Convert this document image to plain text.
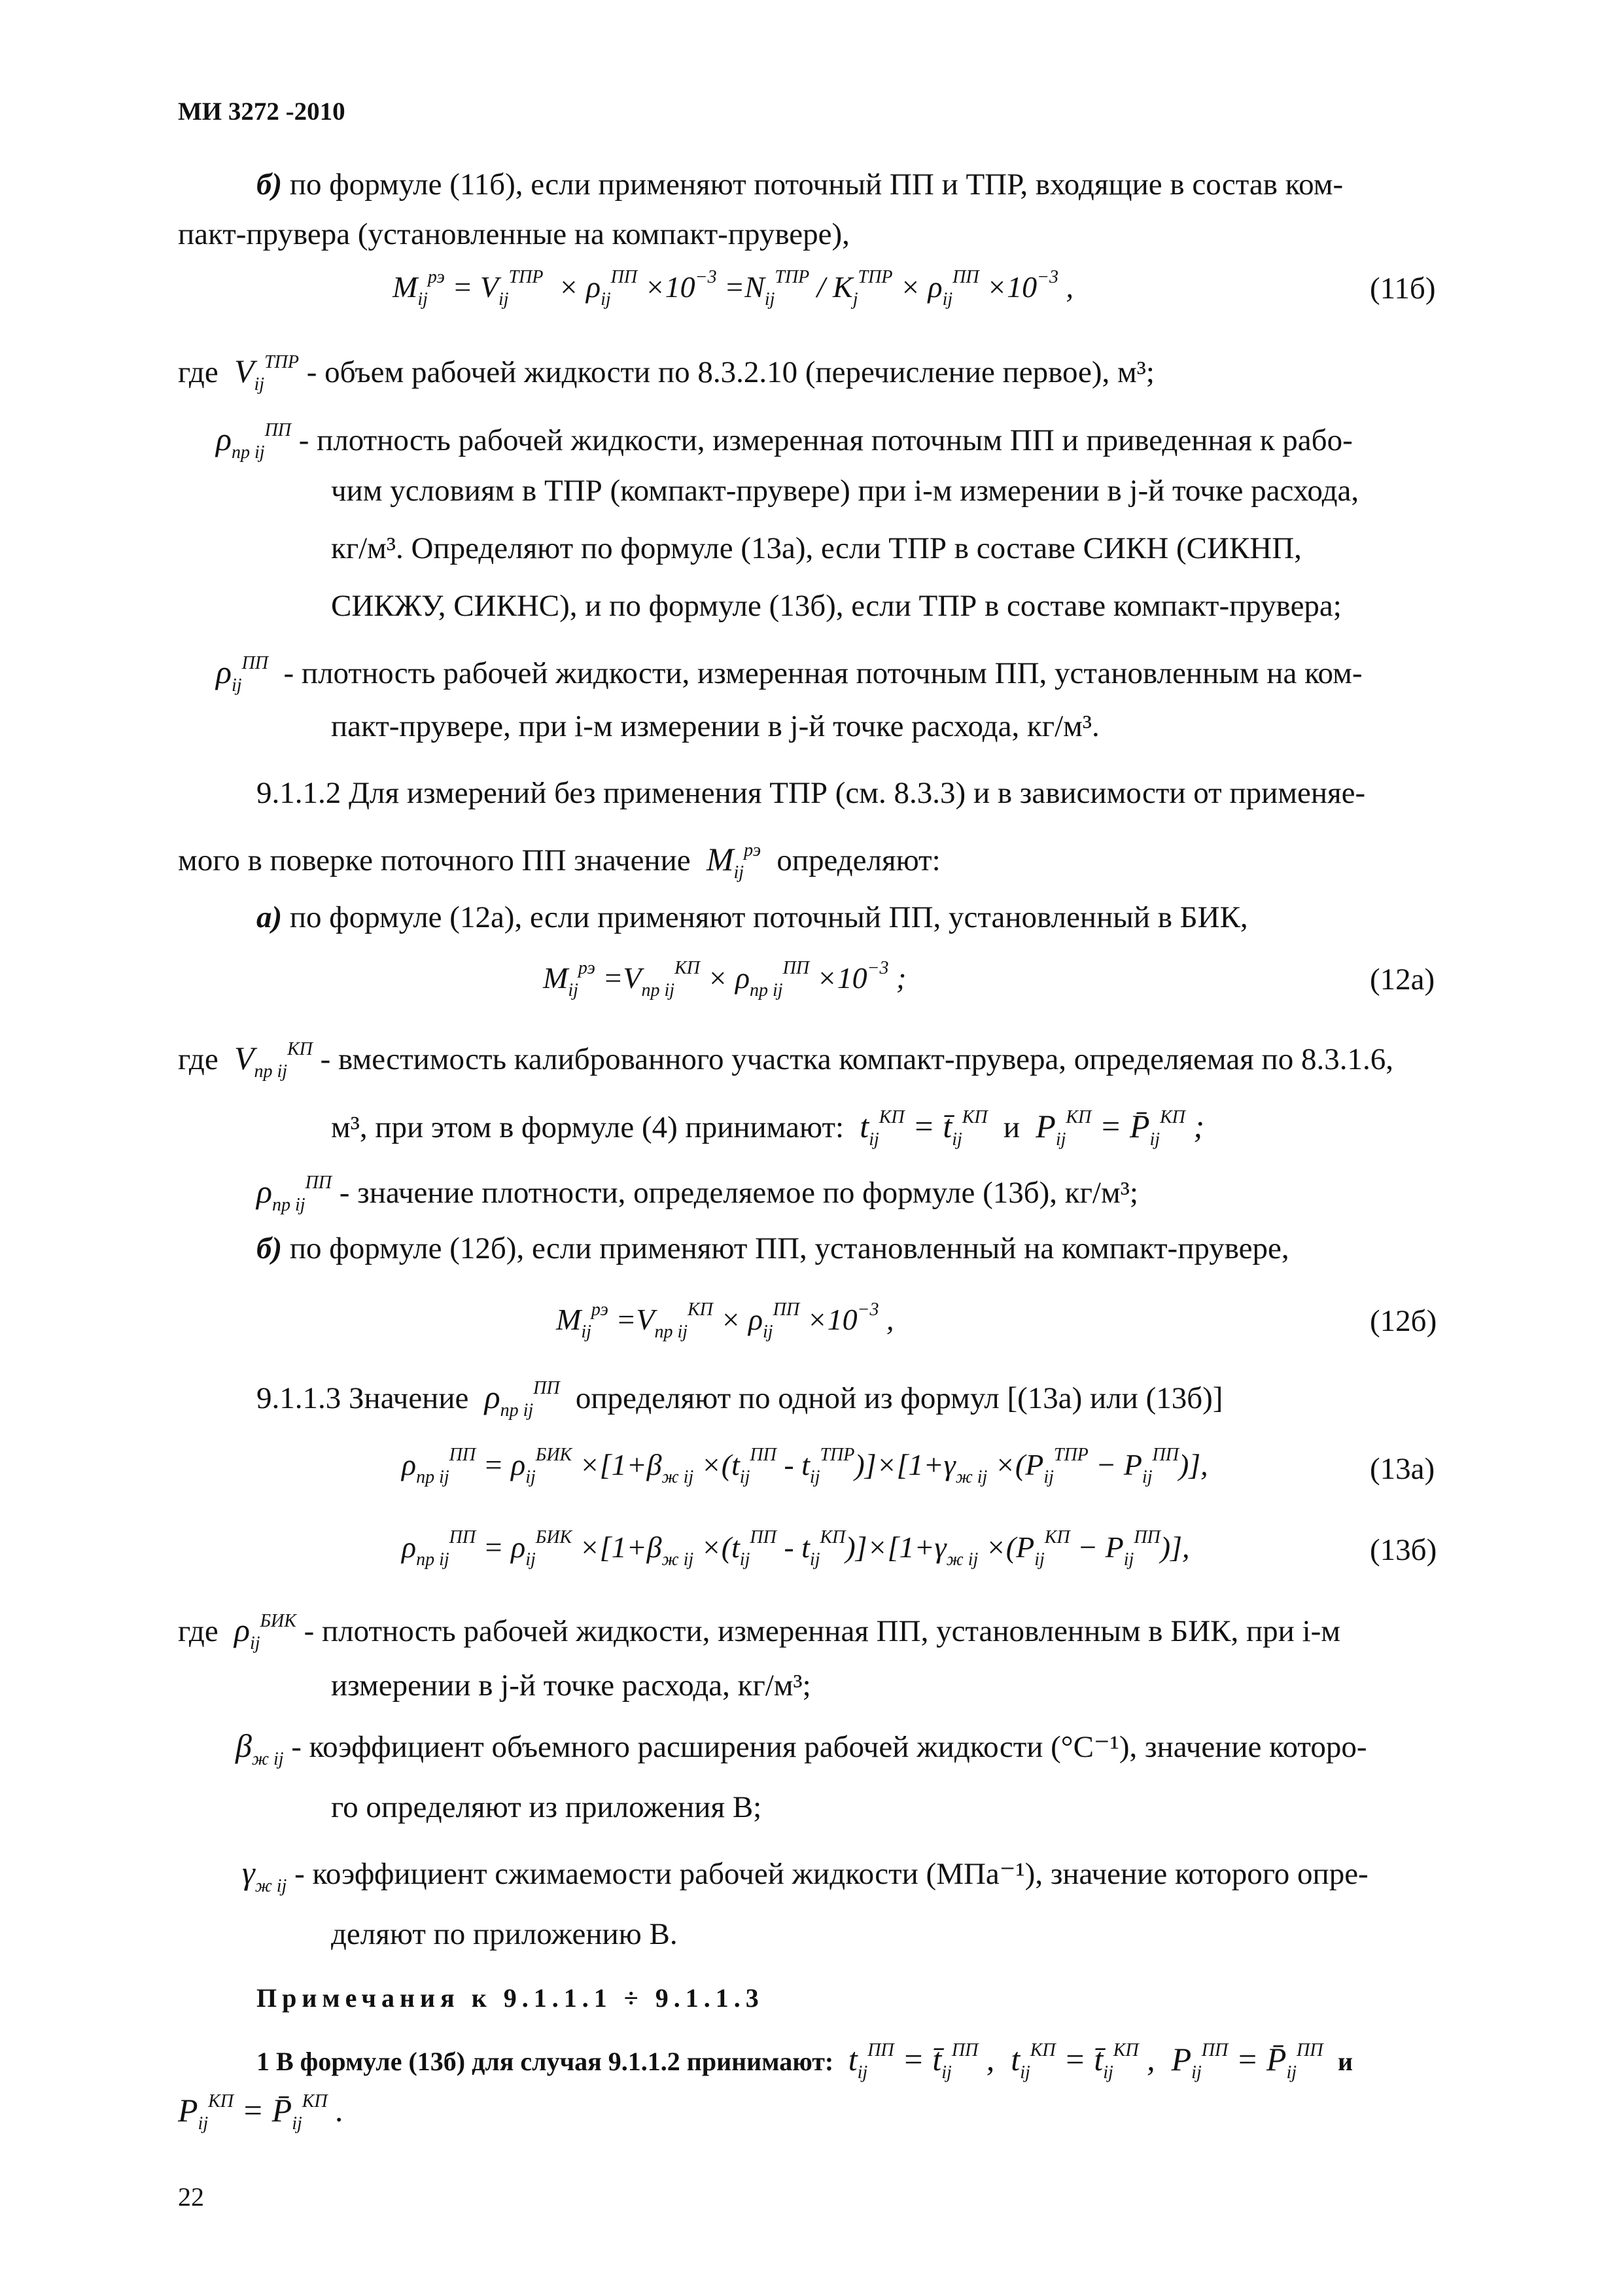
МИ 3272 -2010
б) по формуле (11б), если применяют поточный ПП и ТПР, входящие в состав ком-
пакт-прувера (установленные на компакт-прувере),
$M_{ij}^{рэ} = V_{ij}^{ТПР} \times \rho_{ij}^{ПП} \times 10^{-3} =N_{ij}^{ТПР} / K_j^{ТПР} \times \rho_{ij}^{ПП} \times 10^{-3}$ ,	(11б)
где  $V_{ij}^{ТПР}$ - объем рабочей жидкости по 8.3.2.10 (перечисление первое), м³;
$\rho_{пр ij}^{ПП}$ - плотность рабочей жидкости, измеренная поточным ПП и приведенная к рабо-
чим условиям в ТПР (компакт-прувере) при i-м измерении в j-й точке расхода,
кг/м³. Определяют по формуле (13а), если ТПР в составе СИКН (СИКНП,
СИКЖУ, СИКНС), и по формуле (13б), если ТПР в составе компакт-прувера;
$\rho_{ij}^{ПП}$ - плотность рабочей жидкости, измеренная поточным ПП, установленным на ком-
пакт-прувере, при i-м измерении в j-й точке расхода, кг/м³.
9.1.1.2 Для измерений без применения ТПР (см. 8.3.3) и в зависимости от применяе-
мого в поверке поточного ПП значение  $M_{ij}^{рэ}$ определяют:
а) по формуле (12а), если применяют поточный ПП, установленный в БИК,
$M_{ij}^{рэ} =V_{пр ij}^{КП} \times \rho_{пр ij}^{ПП} \times 10^{-3}$ ;	(12а)
где  $V_{пр ij}^{КП}$ - вместимость калиброванного участка компакт-прувера, определяемая по 8.3.1.6,
м³, при этом в формуле (4) принимают:  $t_{ij}^{КП}$ = $t̄_{ij}^{КП}$ и  $P_{ij}^{КП}$ = $P̄_{ij}^{КП}$ ;
$\rho_{пр ij}^{ПП}$ - значение плотности, определяемое по формуле (13б), кг/м³;
б) по формуле (12б), если применяют ПП, установленный на компакт-прувере,
$M_{ij}^{рэ} =V_{пр ij}^{КП} \times \rho_{ij}^{ПП} \times 10^{-3}$ ,	(12б)
9.1.1.3 Значение  $\rho_{пр ij}^{ПП}$ определяют по одной из формул [(13а) или (13б)]
$\rho_{пр ij}^{ПП} = \rho_{ij}^{БИК} \times[1+\beta_{ж ij} \times(t_{ij}^{ПП} - t_{ij}^{ТПР})]\times[1+\gamma_{ж ij} \times(P_{ij}^{ТПР} - P_{ij}^{ПП})]$,	(13а)
$\rho_{пр ij}^{ПП} = \rho_{ij}^{БИК} \times[1+\beta_{ж ij} \times(t_{ij}^{ПП} - t_{ij}^{КП})]\times[1+\gamma_{ж ij} \times(P_{ij}^{КП} - P_{ij}^{ПП})]$,	(13б)
где  $\rho_{ij}^{БИК}$ - плотность рабочей жидкости, измеренная ПП, установленным в БИК, при i-м
измерении в j-й точке расхода, кг/м³;
$\beta_{ж ij}$ - коэффициент объемного расширения рабочей жидкости (°С⁻¹), значение которо-
го определяют из приложения В;
$\gamma_{ж ij}$ - коэффициент сжимаемости рабочей жидкости (МПа⁻¹), значение которого опре-
деляют по приложению В.
Примечания к 9.1.1.1 ÷ 9.1.1.3
1 В формуле (13б) для случая 9.1.1.2 принимают:  $t_{ij}^{ПП}$ = $t̄_{ij}^{ПП}$ ,  $t_{ij}^{КП}$ = $t̄_{ij}^{КП}$ ,  $P_{ij}^{ПП}$ = $P̄_{ij}^{ПП}$ и
$P_{ij}^{КП}$ = $P̄_{ij}^{КП}$ .
22
